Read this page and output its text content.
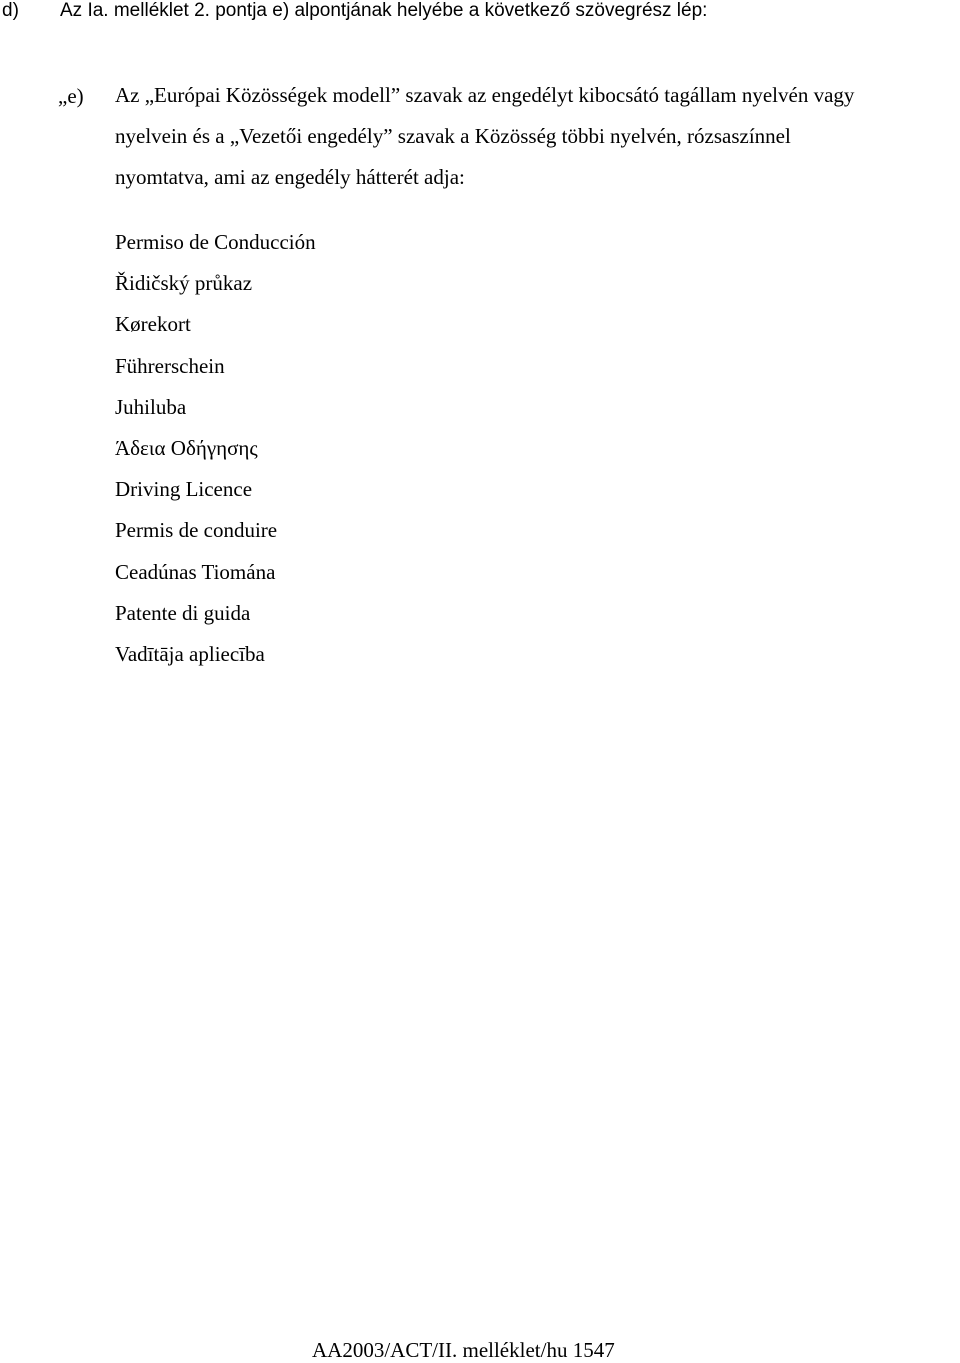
d) Az Ia. melléklet 2. pontja e) alpontjának helyébe a következő szövegrész lép:
„e) Az „Európai Közösségek modell” szavak az engedélyt kibocsátó tagállam nyelvén vagy
nyelvein és a „Vezetői engedély” szavak a Közösség többi nyelvén, rózsaszínnel
nyomtatva, ami az engedély hátterét adja:
Permiso de Conducción
Řidičský průkaz
Kørekort
Führerschein
Juhiluba
Άδεια Οδήγησης
Driving Licence
Permis de conduire
Ceadúnas Tiomána
Patente di guida
Vadītāja apliecība
AA2003/ACT/II. melléklet/hu 1547
